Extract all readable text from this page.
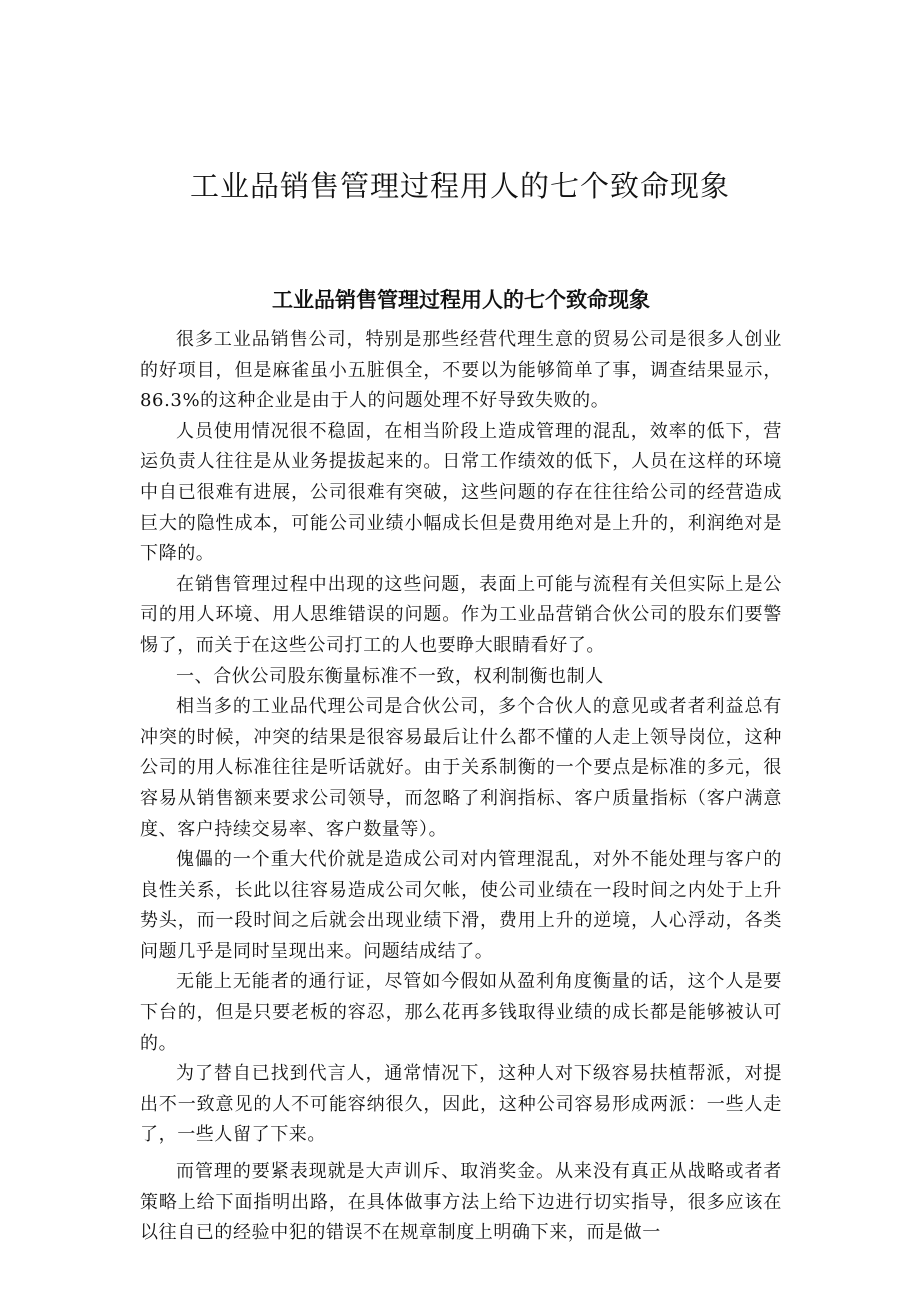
工业品销售管理过程用人的七个致命现象
工业品销售管理过程用人的七个致命现象

很多工业品销售公司，特别是那些经营代理生意的贸易公司是很多人创业的好项目，但是麻雀虽小五脏俱全，不要以为能够简单了事，调查结果显示，86.3%的这种企业是由于人的问题处理不好导致失败的。

人员使用情况很不稳固，在相当阶段上造成管理的混乱，效率的低下，营运负责人往往是从业务提拔起来的。日常工作绩效的低下，人员在这样的环境中自已很难有进展，公司很难有突破，这些问题的存在往往给公司的经营造成巨大的隐性成本，可能公司业绩小幅成长但是费用绝对是上升的，利润绝对是下降的。

在销售管理过程中出现的这些问题，表面上可能与流程有关但实际上是公司的用人环境、用人思维错误的问题。作为工业品营销合伙公司的股东们要警惕了，而关于在这些公司打工的人也要睁大眼睛看好了。

一、合伙公司股东衡量标准不一致，权利制衡也制人

相当多的工业品代理公司是合伙公司，多个合伙人的意见或者者利益总有冲突的时候，冲突的结果是很容易最后让什么都不懂的人走上领导岗位，这种公司的用人标准往往是听话就好。由于关系制衡的一个要点是标准的多元，很容易从销售额来要求公司领导，而忽略了利润指标、客户质量指标（客户满意度、客户持续交易率、客户数量等）。

傀儡的一个重大代价就是造成公司对内管理混乱，对外不能处理与客户的良性关系，长此以往容易造成公司欠帐，使公司业绩在一段时间之内处于上升势头，而一段时间之后就会出现业绩下滑，费用上升的逆境，人心浮动，各类问题几乎是同时呈现出来。问题结成结了。

无能上无能者的通行证，尽管如今假如从盈利角度衡量的话，这个人是要下台的，但是只要老板的容忍，那么花再多钱取得业绩的成长都是能够被认可的。

为了替自已找到代言人，通常情况下，这种人对下级容易扶植帮派，对提出不一致意见的人不可能容纳很久，因此，这种公司容易形成两派：一些人走了，一些人留了下来。

而管理的要紧表现就是大声训斥、取消奖金。从来没有真正从战略或者者策略上给下面指明出路，在具体做事方法上给下边进行切实指导，很多应该在以往自已的经验中犯的错误不在规章制度上明确下来，而是做一
